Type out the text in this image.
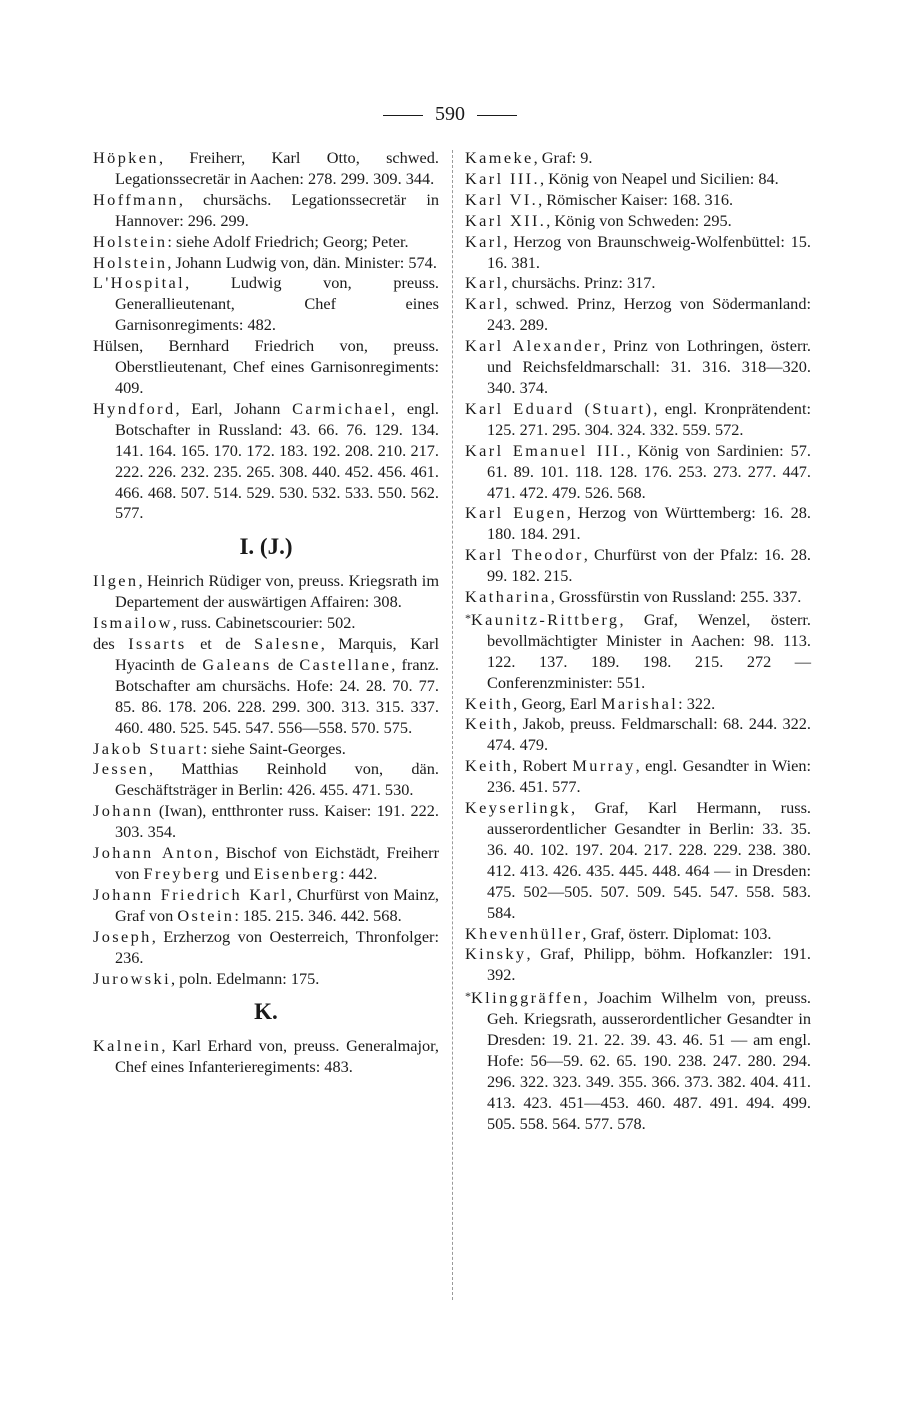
590

Höpken, Freiherr, Karl Otto, schwed. Legationssecretär in Aachen: 278. 299. 309. 344.

Hoffmann, chursächs. Legationssecretär in Hannover: 296. 299.

Holstein: siehe Adolf Friedrich; Georg; Peter.

Holstein, Johann Ludwig von, dän. Minister: 574.

L'Hospital, Ludwig von, preuss. Generallieutenant, Chef eines Garnisonregiments: 482.

Hülsen, Bernhard Friedrich von, preuss. Oberstlieutenant, Chef eines Garnisonregiments: 409.

Hyndford, Earl, Johann Carmichael, engl. Botschafter in Russland: 43. 66. 76. 129. 134. 141. 164. 165. 170. 172. 183. 192. 208. 210. 217. 222. 226. 232. 235. 265. 308. 440. 452. 456. 461. 466. 468. 507. 514. 529. 530. 532. 533. 550. 562. 577.

I. (J.)

Ilgen, Heinrich Rüdiger von, preuss. Kriegsrath im Departement der auswärtigen Affairen: 308.

Ismailow, russ. Cabinetscourier: 502.

des Issarts et de Salesne, Marquis, Karl Hyacinth de Galeans de Castellane, franz. Botschafter am chursächs. Hofe: 24. 28. 70. 77. 85. 86. 178. 206. 228. 299. 300. 313. 315. 337. 460. 480. 525. 545. 547. 556—558. 570. 575.

Jakob Stuart: siehe Saint-Georges.

Jessen, Matthias Reinhold von, dän. Geschäftsträger in Berlin: 426. 455. 471. 530.

Johann (Iwan), entthronter russ. Kaiser: 191. 222. 303. 354.

Johann Anton, Bischof von Eichstädt, Freiherr von Freyberg und Eisenberg: 442.

Johann Friedrich Karl, Churfürst von Mainz, Graf von Ostein: 185. 215. 346. 442. 568.

Joseph, Erzherzog von Oesterreich, Thronfolger: 236.

Jurowski, poln. Edelmann: 175.

K.

Kalnein, Karl Erhard von, preuss. Generalmajor, Chef eines Infanterieregiments: 483.

Kameke, Graf: 9.

Karl III., König von Neapel und Sicilien: 84.

Karl VI., Römischer Kaiser: 168. 316.

Karl XII., König von Schweden: 295.

Karl, Herzog von Braunschweig-Wolfenbüttel: 15. 16. 381.

Karl, chursächs. Prinz: 317.

Karl, schwed. Prinz, Herzog von Södermanland: 243. 289.

Karl Alexander, Prinz von Lothringen, österr. und Reichsfeldmarschall: 31. 316. 318—320. 340. 374.

Karl Eduard (Stuart), engl. Kronprätendent: 125. 271. 295. 304. 324. 332. 559. 572.

Karl Emanuel III., König von Sardinien: 57. 61. 89. 101. 118. 128. 176. 253. 273. 277. 447. 471. 472. 479. 526. 568.

Karl Eugen, Herzog von Württemberg: 16. 28. 180. 184. 291.

Karl Theodor, Churfürst von der Pfalz: 16. 28. 99. 182. 215.

Katharina, Grossfürstin von Russland: 255. 337.

*Kaunitz-Rittberg, Graf, Wenzel, österr. bevollmächtigter Minister in Aachen: 98. 113. 122. 137. 189. 198. 215. 272 — Conferenzminister: 551.

Keith, Georg, Earl Marishal: 322.

Keith, Jakob, preuss. Feldmarschall: 68. 244. 322. 474. 479.

Keith, Robert Murray, engl. Gesandter in Wien: 236. 451. 577.

Keyserlingk, Graf, Karl Hermann, russ. ausserordentlicher Gesandter in Berlin: 33. 35. 36. 40. 102. 197. 204. 217. 228. 229. 238. 380. 412. 413. 426. 435. 445. 448. 464 — in Dresden: 475. 502—505. 507. 509. 545. 547. 558. 583. 584.

Khevenhüller, Graf, österr. Diplomat: 103.

Kinsky, Graf, Philipp, böhm. Hofkanzler: 191. 392.

*Klinggräffen, Joachim Wilhelm von, preuss. Geh. Kriegsrath, ausserordentlicher Gesandter in Dresden: 19. 21. 22. 39. 43. 46. 51 — am engl. Hofe: 56—59. 62. 65. 190. 238. 247. 280. 294. 296. 322. 323. 349. 355. 366. 373. 382. 404. 411. 413. 423. 451—453. 460. 487. 491. 494. 499. 505. 558. 564. 577. 578.
